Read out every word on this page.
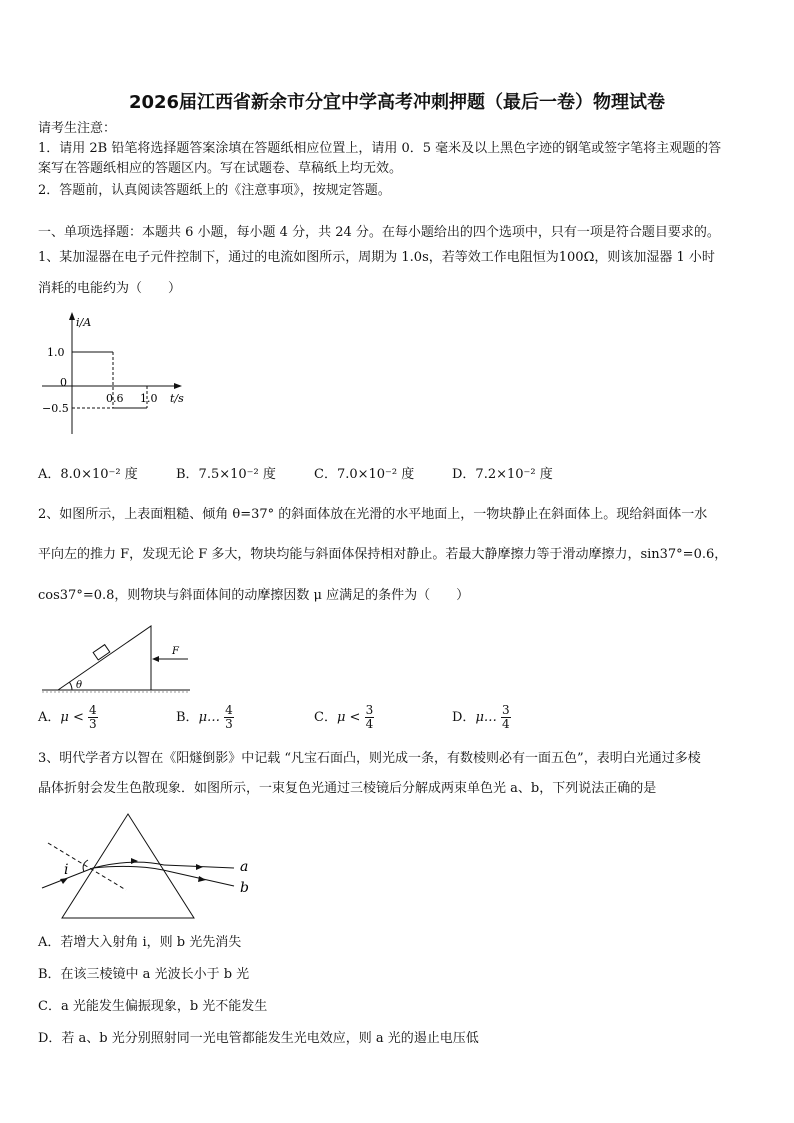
2026届江西省新余市分宜中学高考冲刺押题（最后一卷）物理试卷
请考生注意：
1．请用 2B 铅笔将选择题答案涂填在答题纸相应位置上，请用 0．5 毫米及以上黑色字迹的钢笔或签字笔将主观题的答
案写在答题纸相应的答题区内。写在试题卷、草稿纸上均无效。
2．答题前，认真阅读答题纸上的《注意事项》，按规定答题。
一、单项选择题：本题共 6 小题，每小题 4 分，共 24 分。在每小题给出的四个选项中，只有一项是符合题目要求的。
1、某加湿器在电子元件控制下，通过的电流如图所示，周期为 1.0s，若等效工作电阻恒为100Ω，则该加湿器 1 小时
消耗的电能约为（　　）
i/A
1.0
0
−0.5
0.6 1.0 t/s
A．8.0×10⁻² 度	B．7.5×10⁻² 度	C．7.0×10⁻² 度	D．7.2×10⁻² 度
2、如图所示，上表面粗糙、倾角 θ=37° 的斜面体放在光滑的水平地面上，一物块静止在斜面体上。现给斜面体一水
平向左的推力 F，发现无论 F 多大，物块均能与斜面体保持相对静止。若最大静摩擦力等于滑动摩擦力，sin37°=0.6，
cos37°=0.8，则物块与斜面体间的动摩擦因数 μ 应满足的条件为（　　）
θ
F
A．$\mu < \frac{4}{3}$	B．μ… $\frac{4}{3}$	C．$\mu < \frac{3}{4}$	D．μ… $\frac{3}{4}$
3、明代学者方以智在《阳燧倒影》中记载 “凡宝石面凸，则光成一条，有数棱则必有一面五色”，表明白光通过多棱
晶体折射会发生色散现象．如图所示，一束复色光通过三棱镜后分解成两束单色光 a、b，下列说法正确的是
i	a
b
A．若增大入射角 i，则 b 光先消失
B．在该三棱镜中 a 光波长小于 b 光
C．a 光能发生偏振现象，b 光不能发生
D．若 a、b 光分别照射同一光电管都能发生光电效应，则 a 光的遏止电压低
